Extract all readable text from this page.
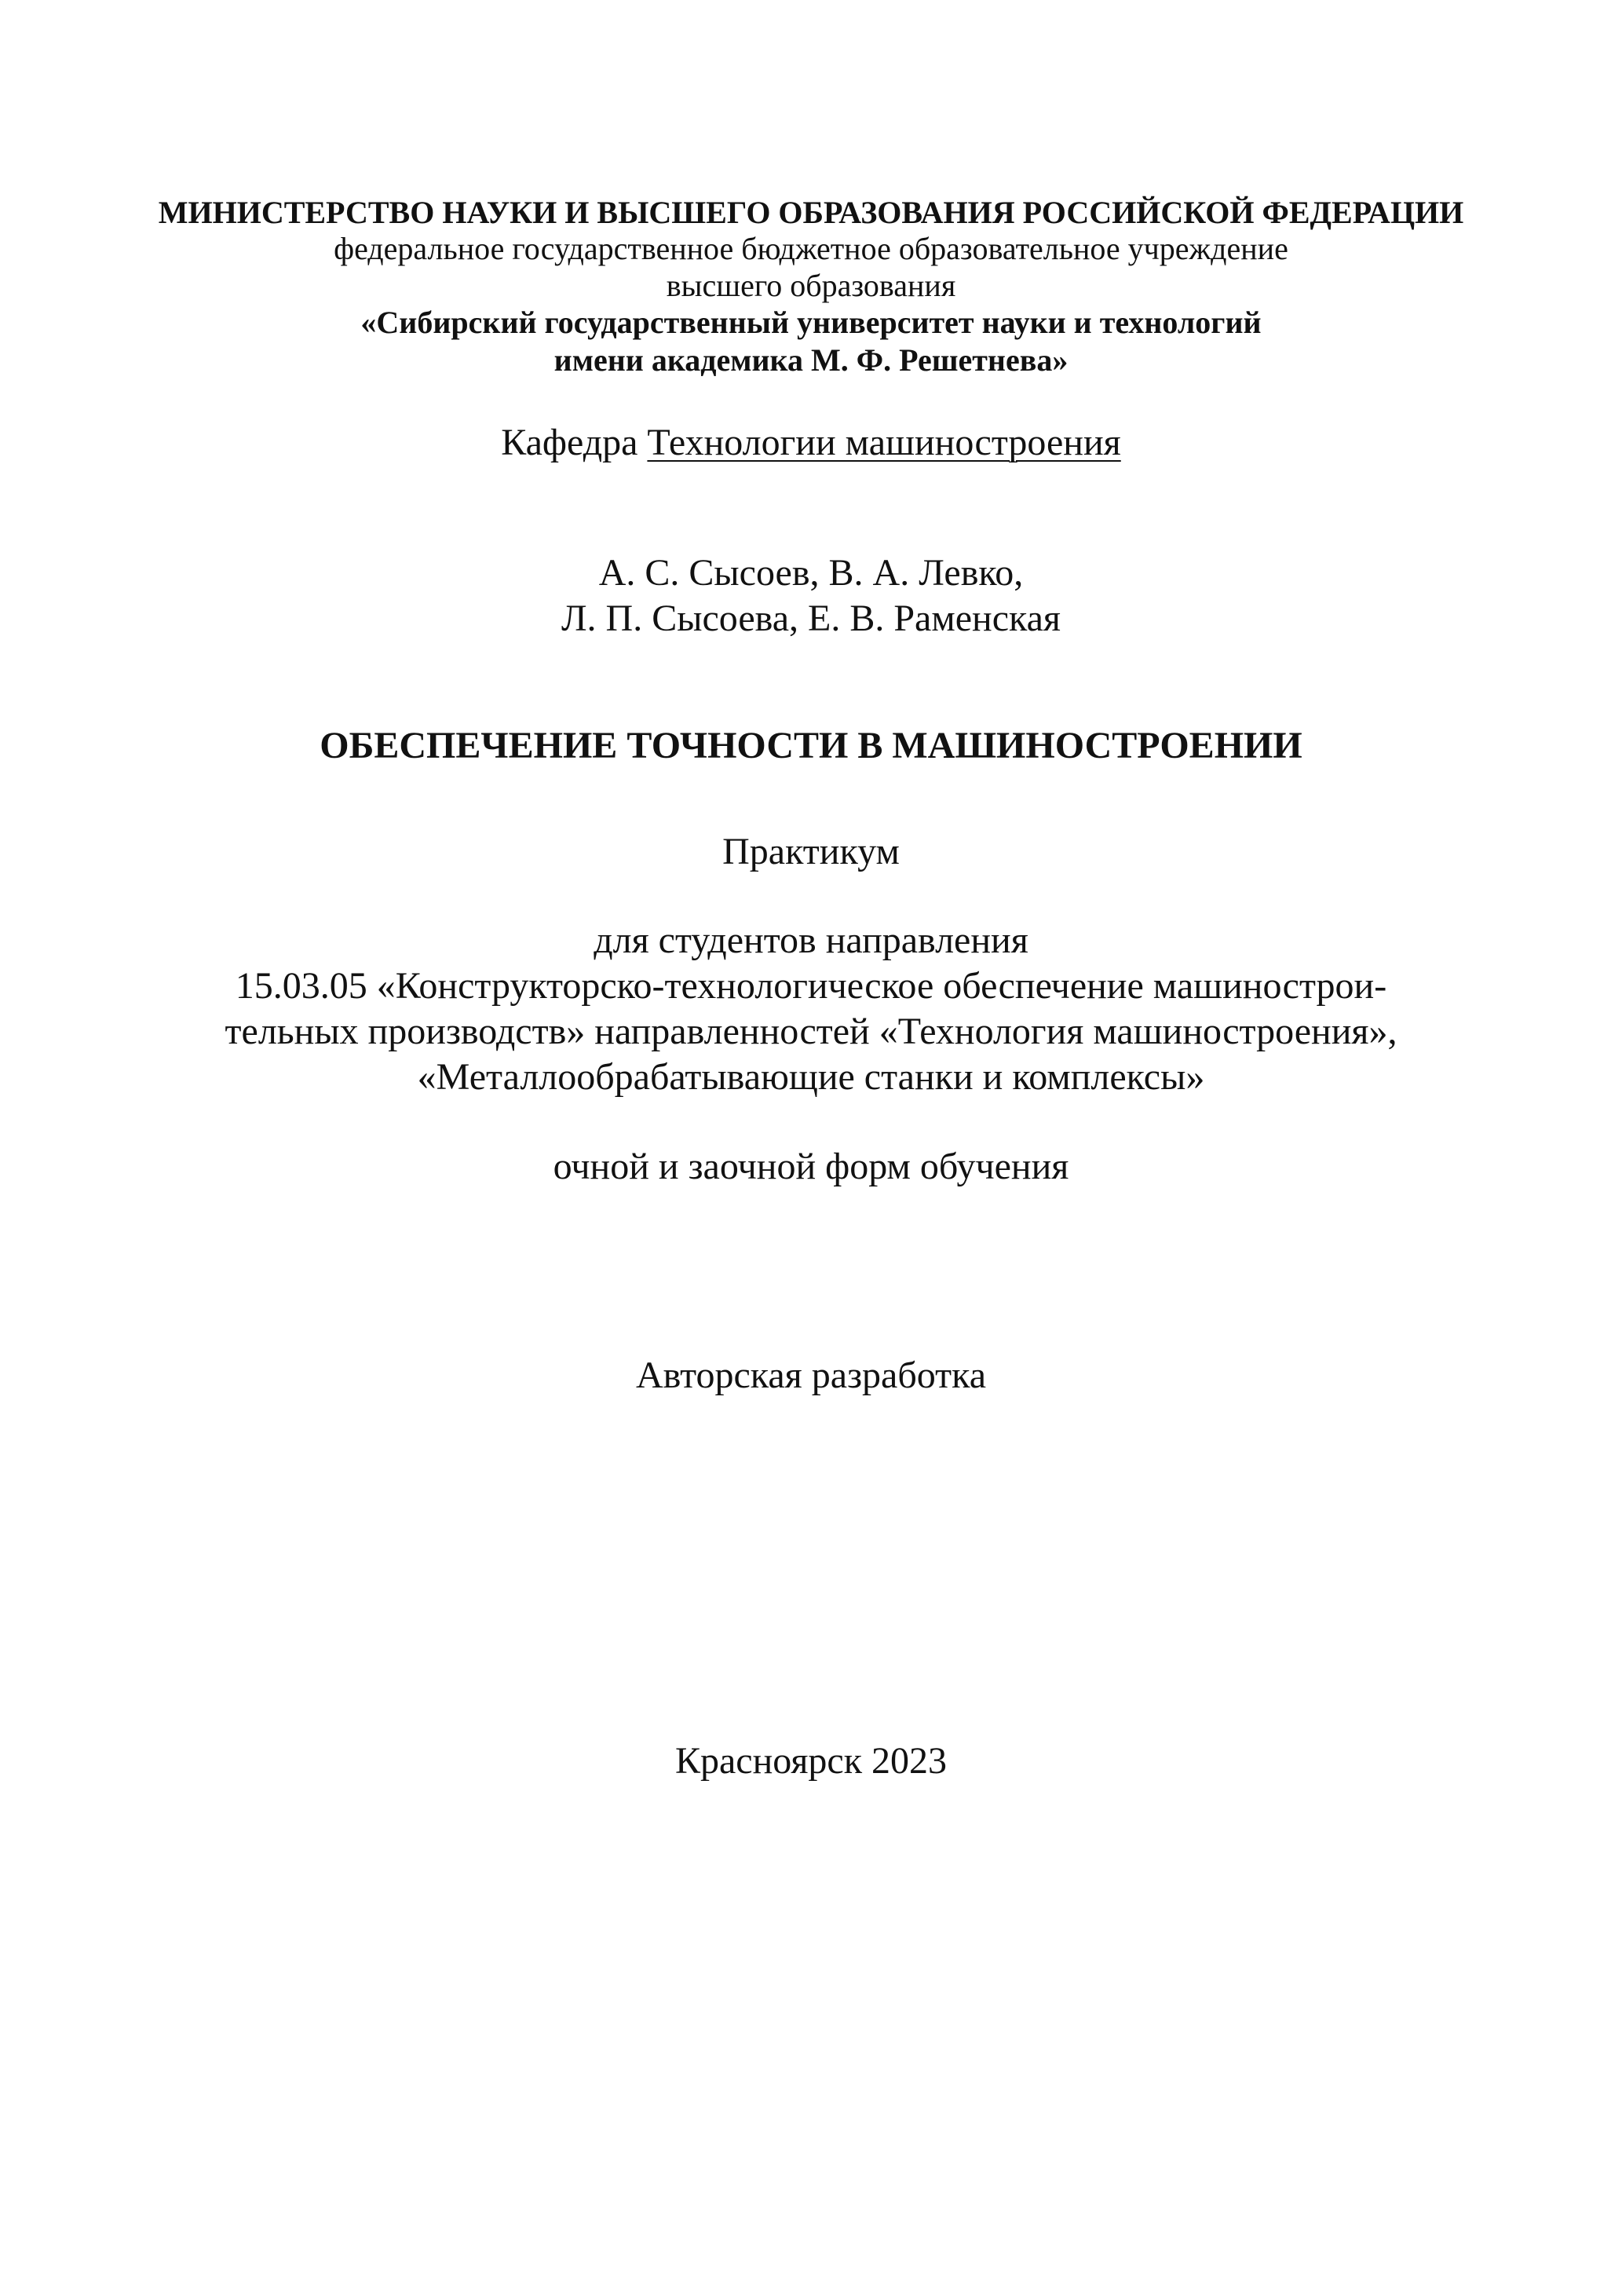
МИНИСТЕРСТВО НАУКИ И ВЫСШЕГО ОБРАЗОВАНИЯ РОССИЙСКОЙ ФЕДЕРАЦИИ
федеральное государственное бюджетное образовательное учреждение
высшего образования
«Сибирский государственный университет науки и технологий
имени академика М. Ф. Решетнева»
Кафедра Технологии машиностроения
А. С. Сысоев, В. А. Левко,
Л. П. Сысоева, Е. В. Раменская
ОБЕСПЕЧЕНИЕ ТОЧНОСТИ В МАШИНОСТРОЕНИИ
Практикум
для студентов направления
15.03.05 «Конструкторско-технологическое обеспечение машинострои-
тельных производств» направленностей «Технология машиностроения»,
«Металлообрабатывающие станки и комплексы»
очной и заочной форм обучения
Авторская разработка
Красноярск 2023
